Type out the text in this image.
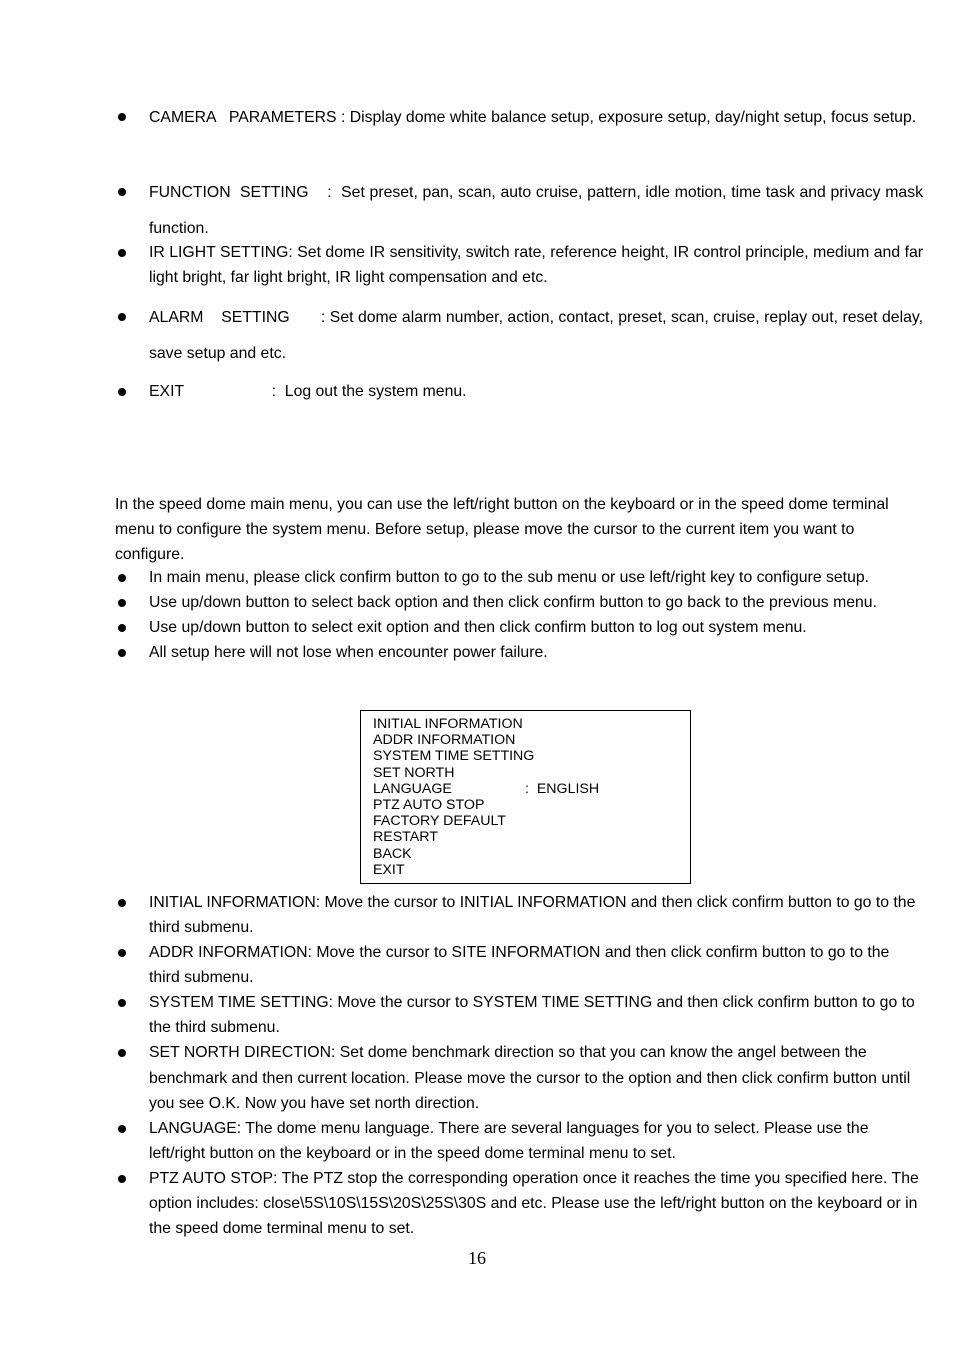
CAMERA   PARAMETERS : Display dome white balance setup, exposure setup, day/night setup, focus setup.
FUNCTION  SETTING    :  Set preset, pan, scan, auto cruise, pattern, idle motion, time task and privacy mask function.
IR LIGHT SETTING: Set dome IR sensitivity, switch rate, reference height, IR control principle, medium and far light bright, far light bright, IR light compensation and etc.
ALARM    SETTING       : Set dome alarm number, action, contact, preset, scan, cruise, replay out, reset delay, save setup and etc.
EXIT                    :  Log out the system menu.
In the speed dome main menu, you can use the left/right button on the keyboard or in the speed dome terminal menu to configure the system menu. Before setup, please move the cursor to the current item you want to configure.
In main menu, please click confirm button to go to the sub menu or use left/right key to configure setup.
Use up/down button to select back option and then click confirm button to go back to the previous menu.
Use up/down button to select exit option and then click confirm button to log out system menu.
All setup here will not lose when encounter power failure.
INITIAL INFORMATION
ADDR INFORMATION
SYSTEM TIME SETTING
SET NORTH
LANGUAGE	:  ENGLISH
PTZ AUTO STOP
FACTORY DEFAULT
RESTART
BACK
EXIT
INITIAL INFORMATION: Move the cursor to INITIAL INFORMATION and then click confirm button to go to the third submenu.
ADDR INFORMATION: Move the cursor to SITE INFORMATION and then click confirm button to go to the third submenu.
SYSTEM TIME SETTING: Move the cursor to SYSTEM TIME SETTING and then click confirm button to go to the third submenu.
SET NORTH DIRECTION: Set dome benchmark direction so that you can know the angel between the benchmark and then current location. Please move the cursor to the option and then click confirm button until you see O.K. Now you have set north direction.
LANGUAGE: The dome menu language. There are several languages for you to select. Please use the left/right button on the keyboard or in the speed dome terminal menu to set.
PTZ AUTO STOP: The PTZ stop the corresponding operation once it reaches the time you specified here. The option includes: close\5S\10S\15S\20S\25S\30S and etc. Please use the left/right button on the keyboard or in the speed dome terminal menu to set.
16
